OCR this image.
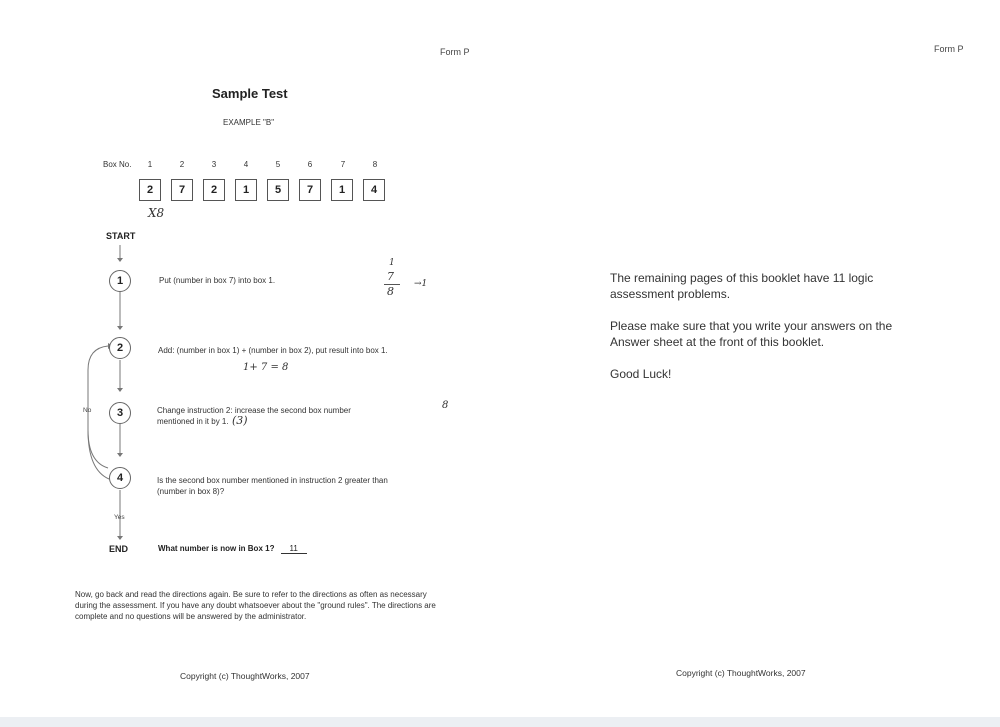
Form P
Sample Test
EXAMPLE "B"
Box No.	1	2	3	4	5	6	7	8
2	7	2	1	5	7	1	4
X8
START
1	Put (number in box 7) into box 1.
2	Add: (number in box 1) + (number in box 2), put result into box 1.
No	3	Change instruction 2: increase the second box number mentioned in it by 1.
4	Is the second box number mentioned in instruction 2 greater than (number in box 8)?
Yes
END	What number is now in Box 1? 11
1
7
8
→1
1+ 7 = 8
(3)
8
Now, go back and read the directions again. Be sure to refer to the directions as often as necessary during the assessment. If you have any doubt whatsoever about the "ground rules". The directions are complete and no questions will be answered by the administrator.
Copyright (c) ThoughtWorks, 2007
Form P
The remaining pages of this booklet have 11 logic assessment problems.
Please make sure that you write your answers on the Answer sheet at the front of this booklet.
Good Luck!
Copyright (c) ThoughtWorks, 2007
